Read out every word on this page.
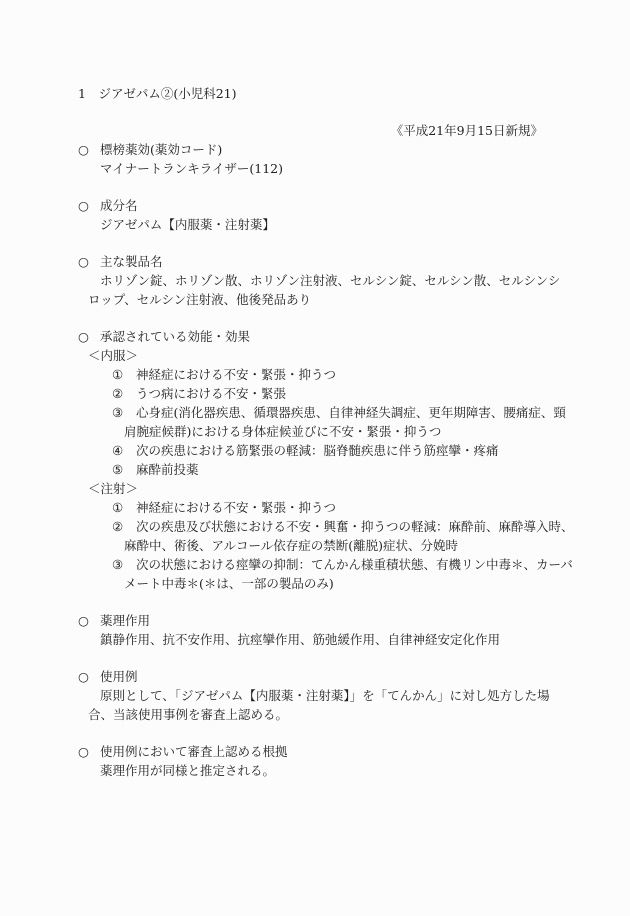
1　ジアゼパム②(小児科21)
《平成21年9月15日新規》
○ 標榜薬効(薬効コード)
マイナートランキライザー(112)
○ 成分名
ジアゼパム【内服薬・注射薬】
○ 主な製品名
ホリゾン錠、ホリゾン散、ホリゾン注射液、セルシン錠、セルシン散、セルシンシ
ロップ、セルシン注射液、他後発品あり
○ 承認されている効能・効果
＜内服＞
① 神経症における不安・緊張・抑うつ
② うつ病における不安・緊張
③ 心身症(消化器疾患、循環器疾患、自律神経失調症、更年期障害、腰痛症、頸
肩腕症候群)における身体症候並びに不安・緊張・抑うつ
④ 次の疾患における筋緊張の軽減：脳脊髄疾患に伴う筋痙攣・疼痛
⑤ 麻酔前投薬
＜注射＞
① 神経症における不安・緊張・抑うつ
② 次の疾患及び状態における不安・興奮・抑うつの軽減：麻酔前、麻酔導入時、
麻酔中、術後、アルコール依存症の禁断(離脱)症状、分娩時
③ 次の状態における痙攣の抑制：てんかん様重積状態、有機リン中毒＊、カーバ
メート中毒＊(＊は、一部の製品のみ)
○ 薬理作用
鎮静作用、抗不安作用、抗痙攣作用、筋弛緩作用、自律神経安定化作用
○ 使用例
原則として、「ジアゼパム【内服薬・注射薬】」を「てんかん」に対し処方した場
合、当該使用事例を審査上認める。
○ 使用例において審査上認める根拠
薬理作用が同様と推定される。
